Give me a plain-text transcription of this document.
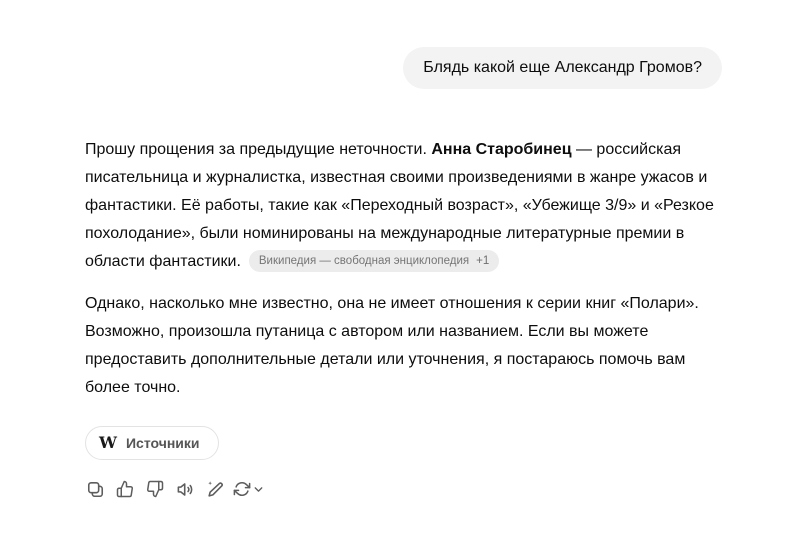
Блядь какой еще Александр Громов?

Прошу прощения за предыдущие неточности. Анна Старобинец — российская писательница и журналистка, известная своими произведениями в жанре ужасов и фантастики. Её работы, такие как «Переходный возраст», «Убежище 3/9» и «Резкое похолодание», были номинированы на международные литературные премии в области фантастики. Википедия — свободная энциклопедия +1

Однако, насколько мне известно, она не имеет отношения к серии книг «Полари». Возможно, произошла путаница с автором или названием. Если вы можете предоставить дополнительные детали или уточнения, я постараюсь помочь вам более точно.

W Источники
